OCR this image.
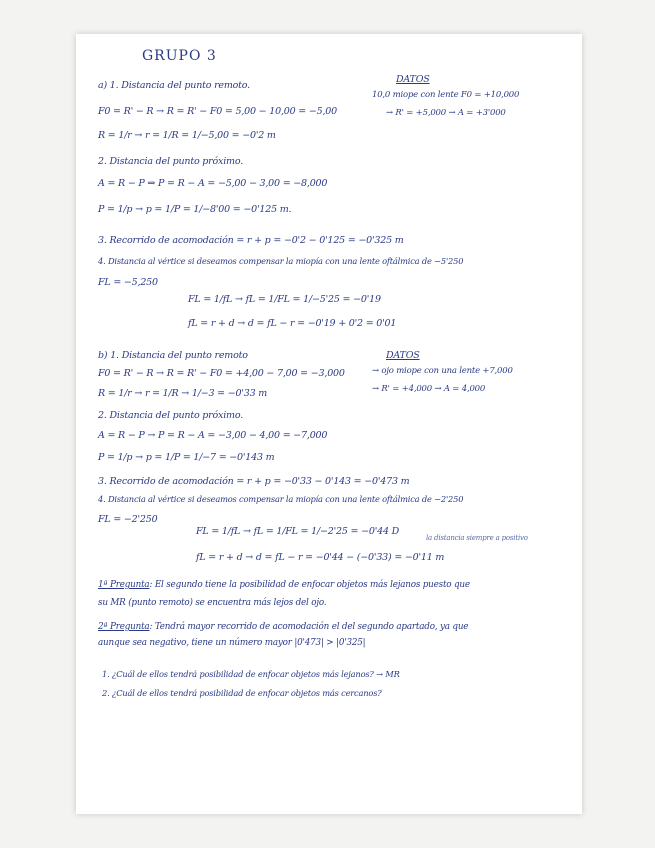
GRUPO 3
a) 1. Distancia del punto remoto.
F0 = R' − R → R = R' − F0 = 5,00 − 10,00 = −5,00
R = 1/r → r = 1/R = 1/−5,00 = −0'2 m
2. Distancia del punto próximo.
A = R − P ⇒ P = R − A = −5,00 − 3,00 = −8,000
P = 1/p → p = 1/P = 1/−8'00 = −0'125 m.
3. Recorrido de acomodación = r + p = −0'2 − 0'125 = −0'325 m
4. Distancia al vértice si deseamos compensar la miopía con una lente oftálmica de −5'250
FL = −5,250
FL = 1/fL → fL = 1/FL = 1/−5'25 = −0'19
fL = r + d → d = fL − r = −0'19 + 0'2 = 0'01
DATOS
10,0 miope con lente F0 = +10,000
→ R' = +5,000 → A = +3'000
b) 1. Distancia del punto remoto
F0 = R' − R → R = R' − F0 = +4,00 − 7,00 = −3,000
R = 1/r → r = 1/R → 1/−3 = −0'33 m
2. Distancia del punto próximo.
A = R − P → P = R − A = −3,00 − 4,00 = −7,000
P = 1/p → p = 1/P = 1/−7 = −0'143 m
3. Recorrido de acomodación = r + p = −0'33 − 0'143 = −0'473 m
4. Distancia al vértice si deseamos compensar la miopía con una lente oftálmica de −2'250
FL = −2'250
FL = 1/fL → fL = 1/FL = 1/−2'25 = −0'44 D
fL = r + d → d = fL − r = −0'44 − (−0'33) = −0'11 m
la distancia siempre a positivo
DATOS
→ ojo miope con una lente +7,000
→ R' = +4,000 → A = 4,000
1ª Pregunta: El segundo tiene la posibilidad de enfocar objetos más lejanos puesto que
su MR (punto remoto) se encuentra más lejos del ojo.
2ª Pregunta: Tendrá mayor recorrido de acomodación el del segundo apartado, ya que
aunque sea negativo, tiene un número mayor |0'473| > |0'325|
1. ¿Cuál de ellos tendrá posibilidad de enfocar objetos más lejanos? → MR
2. ¿Cuál de ellos tendrá posibilidad de enfocar objetos más cercanos?
